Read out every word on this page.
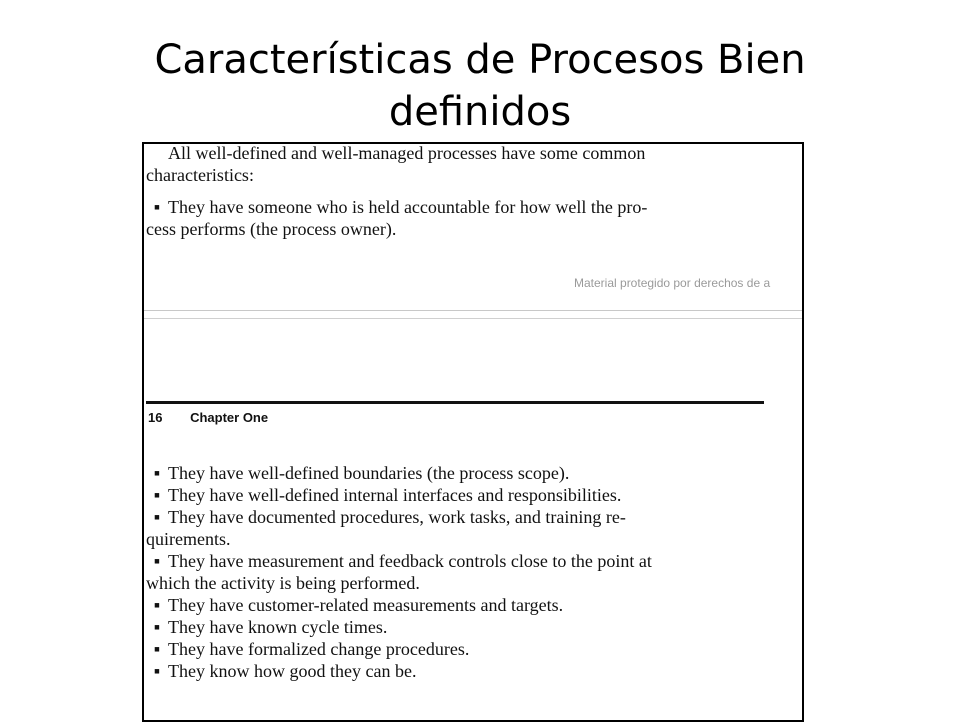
Características de Procesos Bien definidos
All well-defined and well-managed processes have some common
characteristics:
▪ They have someone who is held accountable for how well the pro-
cess performs (the process owner).
Material protegido por derechos de a
16 Chapter One
▪ They have well-defined boundaries (the process scope).
▪ They have well-defined internal interfaces and responsibilities.
▪ They have documented procedures, work tasks, and training re-
quirements.
▪ They have measurement and feedback controls close to the point at
which the activity is being performed.
▪ They have customer-related measurements and targets.
▪ They have known cycle times.
▪ They have formalized change procedures.
▪ They know how good they can be.
